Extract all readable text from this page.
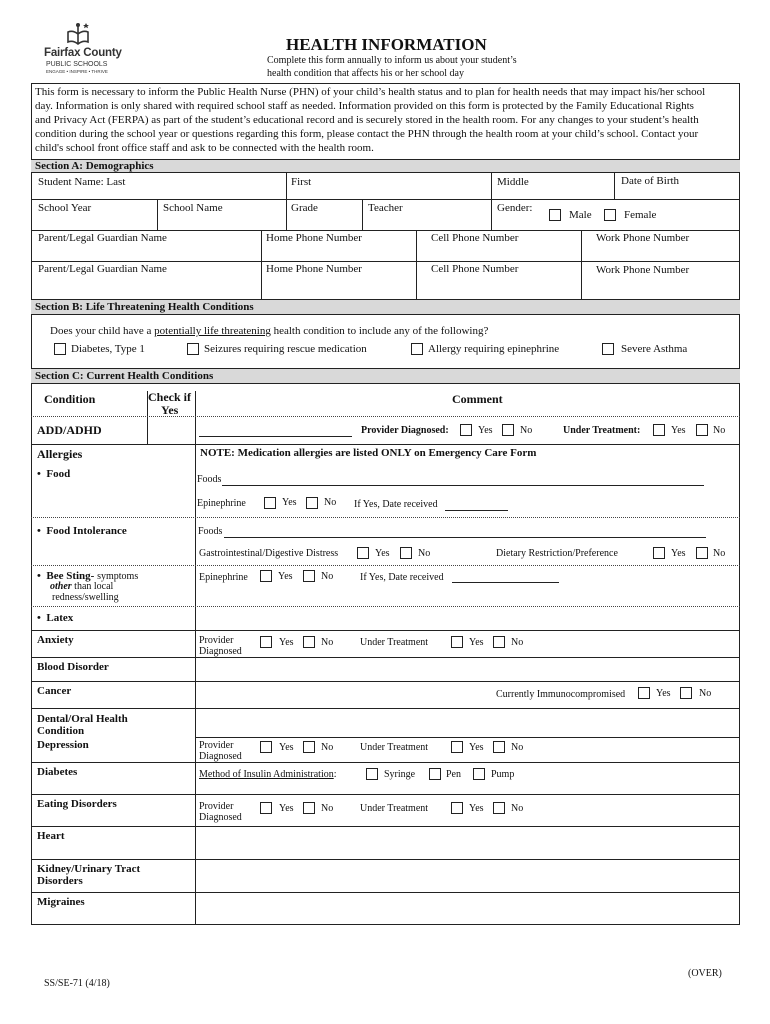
Fairfax County
PUBLIC SCHOOLS
ENGAGE • INSPIRE • THRIVE
HEALTH INFORMATION
Complete this form annually to inform us about your student’s
health condition that affects his or her school day
This form is necessary to inform the Public Health Nurse (PHN) of your child’s health status and to plan for health needs that may impact his/her school
day. Information is only shared with required school staff as needed. Information provided on this form is protected by the Family Educational Rights
and Privacy Act (FERPA) as part of the student’s educational record and is securely stored in the health room. For any changes to your student’s health
condition during the school year or questions regarding this form, please contact the PHN through the health room at your child’s school. Contact your
child's school front office staff and ask to be connected with the health room.
Section A: Demographics
Student Name: Last	First	Middle	Date of Birth
School Year	School Name	Grade	Teacher	Gender:
Male	Female
Parent/Legal Guardian Name	Home Phone Number	Cell Phone Number	Work Phone Number
Parent/Legal Guardian Name	Home Phone Number	Cell Phone Number	Work Phone Number
Section B: Life Threatening Health Conditions
Does your child have a potentially life threatening health condition to include any of the following?
Diabetes, Type 1	Seizures requiring rescue medication	Allergy requiring epinephrine	Severe Asthma
Section C: Current Health Conditions
Condition	Check if
Yes
Comment
ADD/ADHD	Provider Diagnosed:	Yes	No	Under Treatment:	Yes	No
Allergies	NOTE: Medication allergies are listed ONLY on Emergency Care Form
•  Food	Foods
Epinephrine	Yes	No If Yes, Date received
•  Food Intolerance	Foods
Gastrointestinal/Digestive Distress	Yes	No	Dietary Restriction/Preference	Yes	No
•  Bee Sting- symptoms
other than local
redness/swelling
Epinephrine	Yes	No	If Yes, Date received
•  Latex
Anxiety	Provider
Diagnosed
Yes	No	Under Treatment	Yes	No
Blood Disorder
Cancer	Currently Immunocompromised	Yes	No
Dental/Oral Health
Condition
Depression	Provider
Diagnosed
Yes	No	Under Treatment	Yes	No
Diabetes	Method of Insulin Administration:	Syringe	Pen	Pump
Eating Disorders	Provider
Diagnosed
Yes	No	Under Treatment	Yes	No
Heart
Kidney/Urinary Tract
Disorders
Migraines
SS/SE-71 (4/18)
(OVER)
